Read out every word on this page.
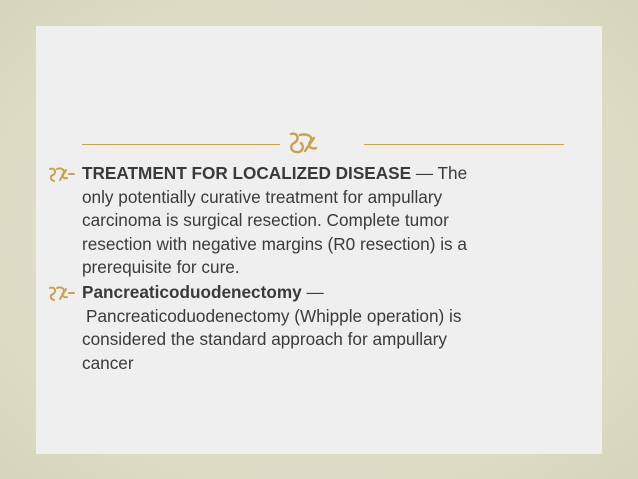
TREATMENT FOR LOCALIZED DISEASE — The
only potentially curative treatment for ampullary
carcinoma is surgical resection. Complete tumor
resection with negative margins (R0 resection) is a
prerequisite for cure.
Pancreaticoduodenectomy —

Pancreaticoduodenectomy (Whipple operation) is
considered the standard approach for ampullary
cancer
